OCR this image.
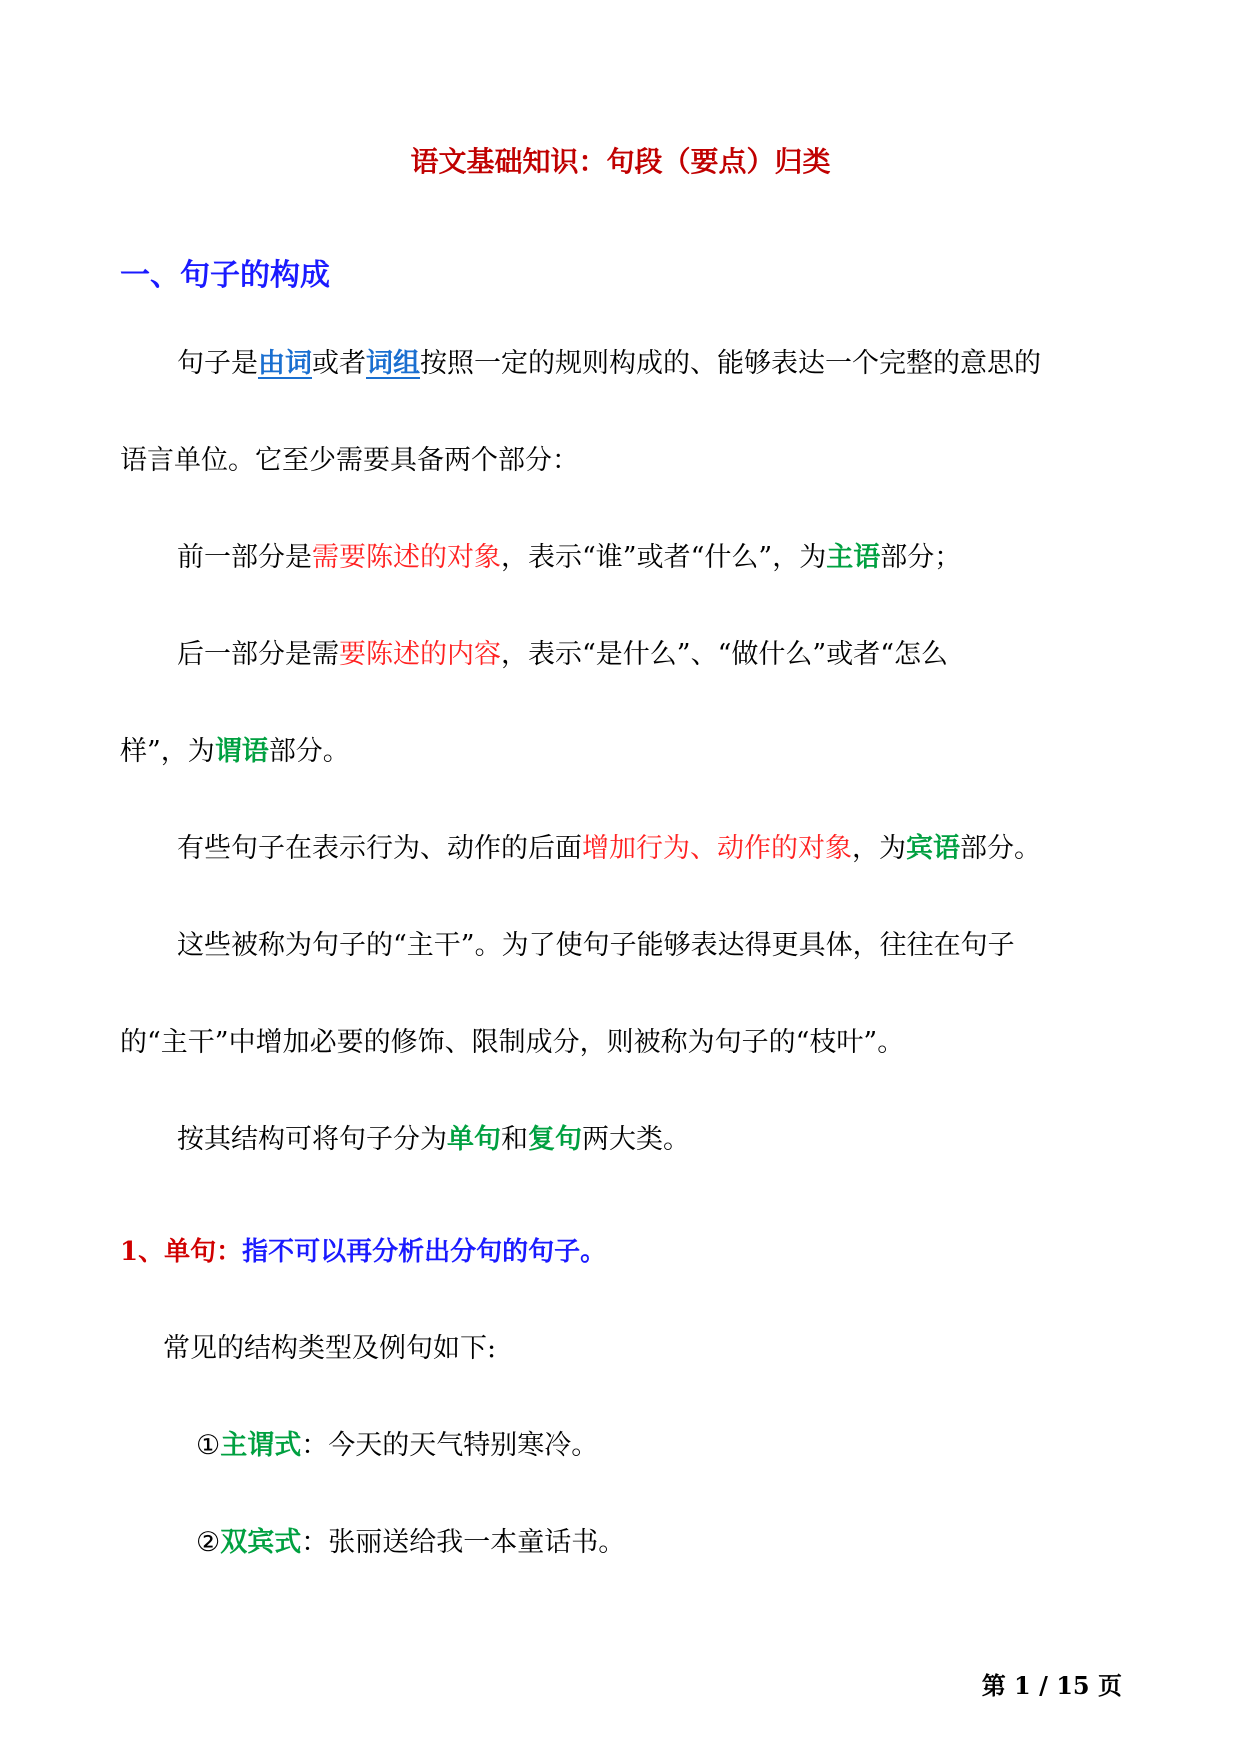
语文基础知识：句段（要点）归类
一、句子的构成
句子是由词或者词组按照一定的规则构成的、能够表达一个完整的意思的
语言单位。它至少需要具备两个部分：
前一部分是需要陈述的对象，表示“谁”或者“什么”，为主语部分；
后一部分是需要陈述的内容，表示“是什么”、“做什么”或者“怎么
样”，为谓语部分。
有些句子在表示行为、动作的后面增加行为、动作的对象，为宾语部分。
这些被称为句子的“主干”。为了使句子能够表达得更具体，往往在句子
的“主干”中增加必要的修饰、限制成分，则被称为句子的“枝叶”。
按其结构可将句子分为单句和复句两大类。
1、单句：指不可以再分析出分句的句子。
常见的结构类型及例句如下:
①主谓式：今天的天气特别寒冷。
②双宾式：张丽送给我一本童话书。
第 1 / 15 页
